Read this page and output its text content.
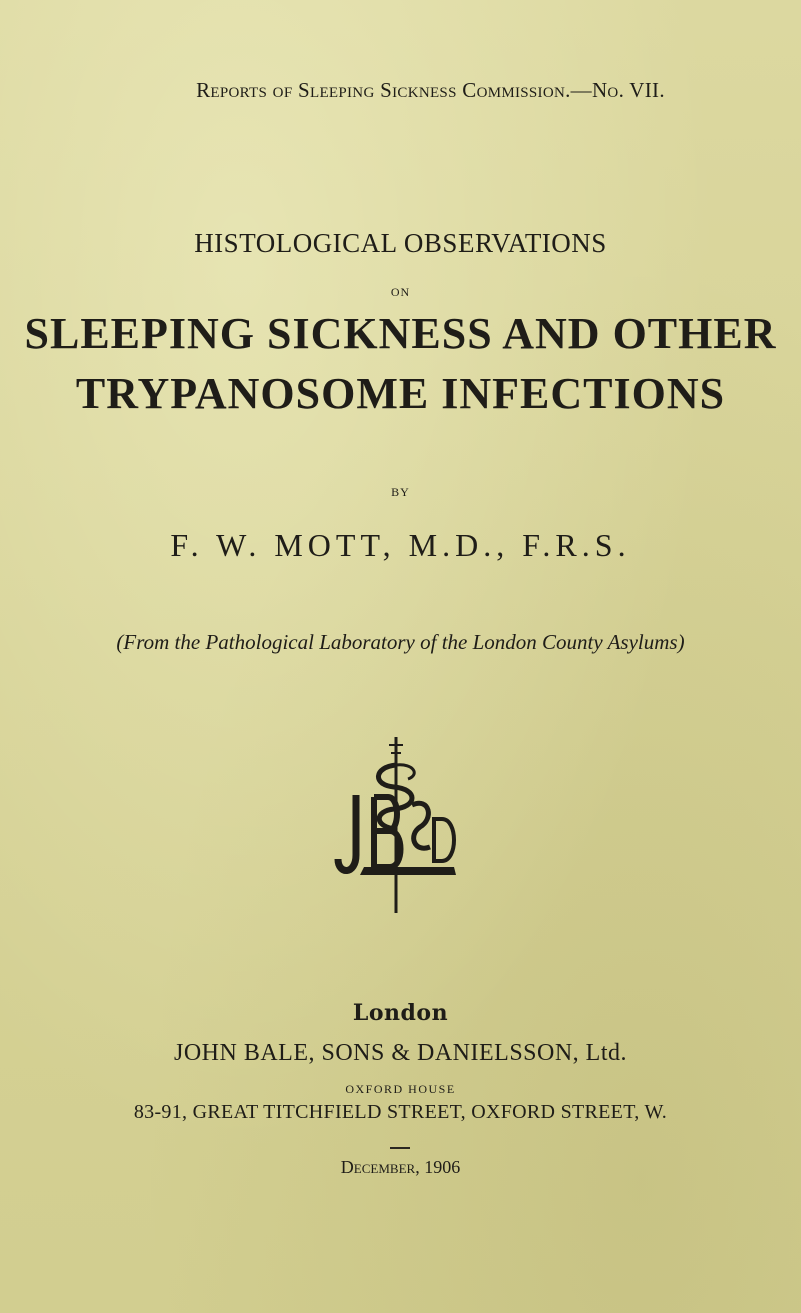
Reports of Sleeping Sickness Commission.—No. VII.
HISTOLOGICAL OBSERVATIONS
ON
SLEEPING SICKNESS AND OTHER
TRYPANOSOME INFECTIONS
BY
F. W. MOTT, M.D., F.R.S.
(From the Pathological Laboratory of the London County Asylums)
London
JOHN BALE, SONS & DANIELSSON, Ltd.
OXFORD HOUSE
83-91, GREAT TITCHFIELD STREET, OXFORD STREET, W.
December, 1906
